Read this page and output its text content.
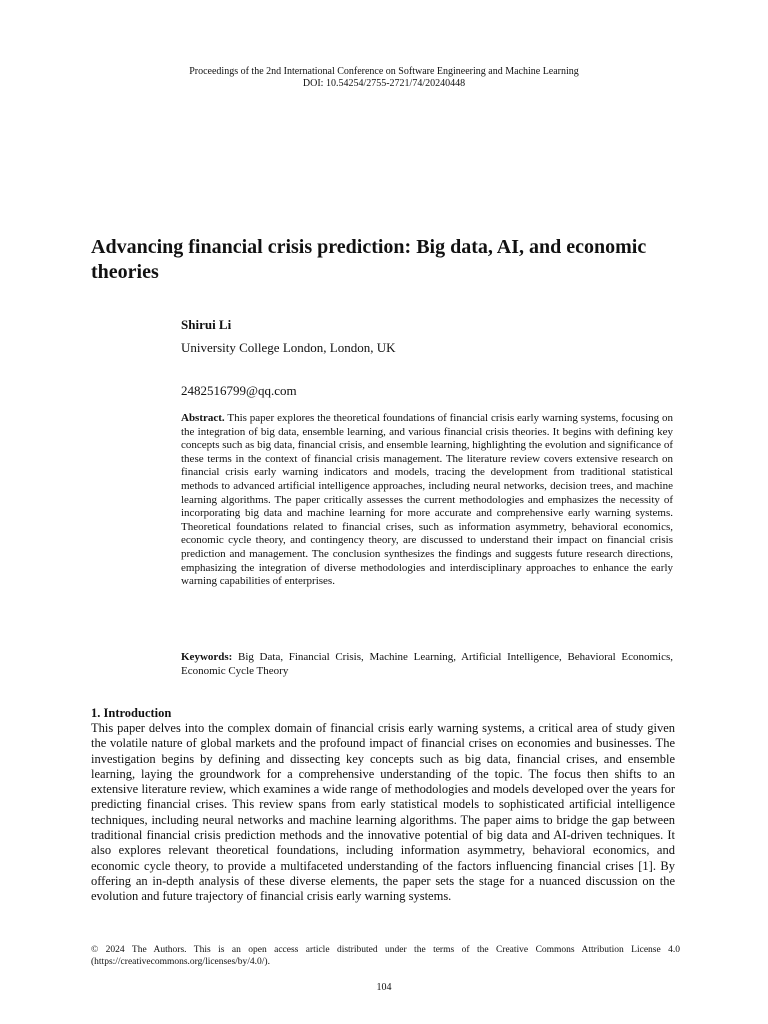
Proceedings of the 2nd International Conference on Software Engineering and Machine Learning
DOI: 10.54254/2755-2721/74/20240448
Advancing financial crisis prediction: Big data, AI, and economic theories
Shirui Li
University College London, London, UK
2482516799@qq.com

Abstract. This paper explores the theoretical foundations of financial crisis early warning systems, focusing on the integration of big data, ensemble learning, and various financial crisis theories. It begins with defining key concepts such as big data, financial crisis, and ensemble learning, highlighting the evolution and significance of these terms in the context of financial crisis management. The literature review covers extensive research on financial crisis early warning indicators and models, tracing the development from traditional statistical methods to advanced artificial intelligence approaches, including neural networks, decision trees, and machine learning algorithms. The paper critically assesses the current methodologies and emphasizes the necessity of incorporating big data and machine learning for more accurate and comprehensive early warning systems. Theoretical foundations related to financial crises, such as information asymmetry, behavioral economics, economic cycle theory, and contingency theory, are discussed to understand their impact on financial crisis prediction and management. The conclusion synthesizes the findings and suggests future research directions, emphasizing the integration of diverse methodologies and interdisciplinary approaches to enhance the early warning capabilities of enterprises.

Keywords: Big Data, Financial Crisis, Machine Learning, Artificial Intelligence, Behavioral Economics, Economic Cycle Theory

1. Introduction

This paper delves into the complex domain of financial crisis early warning systems, a critical area of study given the volatile nature of global markets and the profound impact of financial crises on economies and businesses. The investigation begins by defining and dissecting key concepts such as big data, financial crises, and ensemble learning, laying the groundwork for a comprehensive understanding of the topic. The focus then shifts to an extensive literature review, which examines a wide range of methodologies and models developed over the years for predicting financial crises. This review spans from early statistical models to sophisticated artificial intelligence techniques, including neural networks and machine learning algorithms. The paper aims to bridge the gap between traditional financial crisis prediction methods and the innovative potential of big data and AI-driven techniques. It also explores relevant theoretical foundations, including information asymmetry, behavioral economics, and economic cycle theory, to provide a multifaceted understanding of the factors influencing financial crises [1]. By offering an in-depth analysis of these diverse elements, the paper sets the stage for a nuanced discussion on the evolution and future trajectory of financial crisis early warning systems.

© 2024 The Authors. This is an open access article distributed under the terms of the Creative Commons Attribution License 4.0 (https://creativecommons.org/licenses/by/4.0/).

104
